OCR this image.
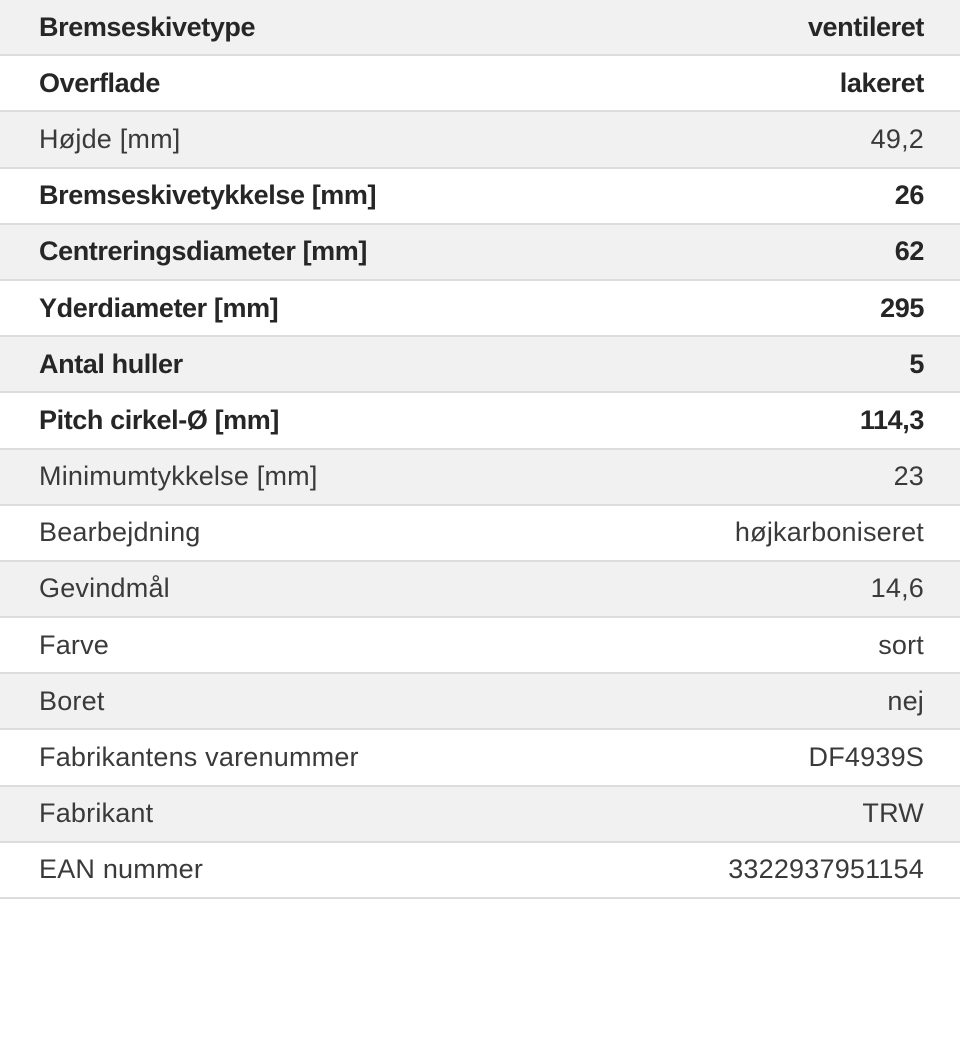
Bremseskivetype	ventileret
Overflade	lakeret
Højde [mm]	49,2
Bremseskivetykkelse [mm]	26
Centreringsdiameter [mm]	62
Yderdiameter [mm]	295
Antal huller	5
Pitch cirkel-Ø [mm]	114,3
Minimumtykkelse [mm]	23
Bearbejdning	højkarboniseret
Gevindmål	14,6
Farve	sort
Boret	nej
Fabrikantens varenummer	DF4939S
Fabrikant	TRW
EAN nummer	3322937951154
